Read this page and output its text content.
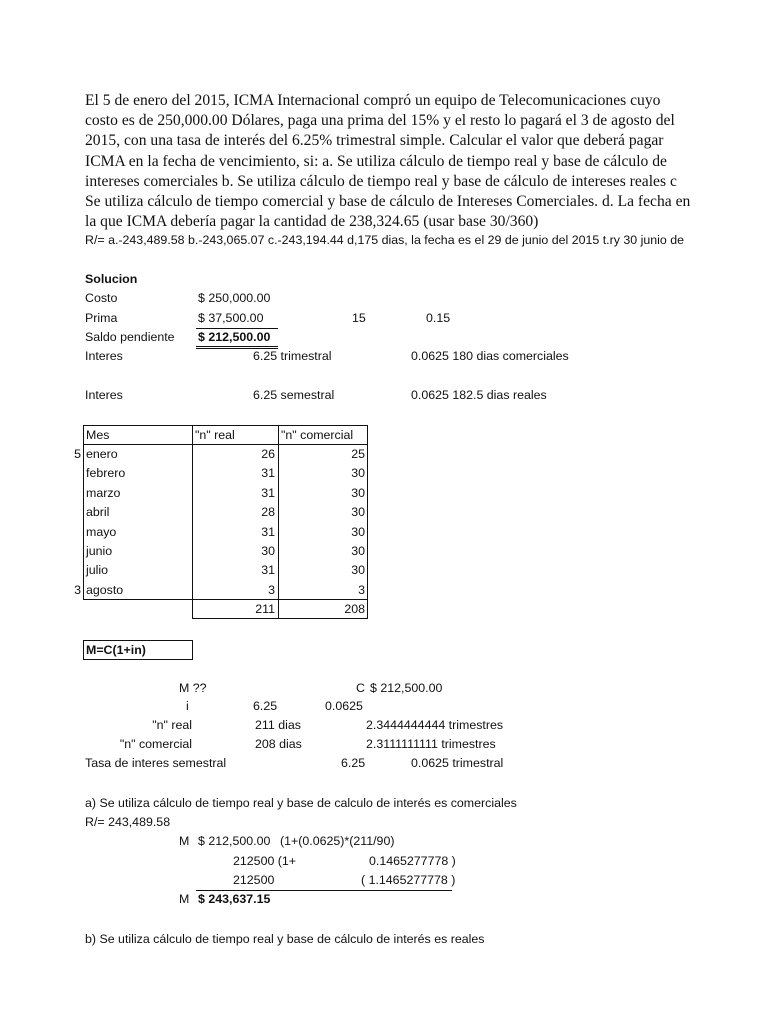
El 5 de enero del 2015, ICMA Internacional compró un equipo de Telecomunicaciones cuyo
costo es de 250,000.00 Dólares, paga una prima del 15% y el resto lo pagará el 3 de agosto del
2015, con una tasa de interés del 6.25% trimestral simple. Calcular el valor que deberá pagar
ICMA en la fecha de vencimiento, si: a. Se utiliza cálculo de tiempo real y base de cálculo de
intereses comerciales b. Se utiliza cálculo de tiempo real y base de cálculo de intereses reales c
Se utiliza cálculo de tiempo comercial y base de cálculo de Intereses Comerciales. d. La fecha en
la que ICMA debería pagar la cantidad de 238,324.65 (usar base 30/360)
R/= a.-243,489.58 b.-243,065.07 c.-243,194.44 d,175 dias, la fecha es el 29 de junio del 2015 t.ry 30 junio de
Solucion
Costo	$ 250,000.00
Prima	$ 37,500.00	15	0.15
Saldo pendiente $ 212,500.00
Interes	6.25 trimestral	0.0625 180 dias comerciales
Interes	6.25 semestral	0.0625 182.5 dias reales
Mes	"n" real	"n" comercial
5 enero	26	25
febrero	31	30
marzo	31	30
abril	28	30
mayo	31	30
junio	30	30
julio	31	30
3 agosto	3	3
211	208
M=C(1+in)
M ??	C $ 212,500.00
i	6.25	0.0625
"n" real	211 dias	2.3444444444 trimestres
"n" comercial	208 dias	2.3111111111 trimestres
Tasa de interes semestral	6.25	0.0625 trimestral
a) Se utiliza cálculo de tiempo real y base de calculo de interés es comerciales
R/= 243,489.58
M $ 212,500.00 (1+(0.0625)*(211/90)
212500 (1+	0.1465277778 )
212500	( 1.1465277778 )
M $ 243,637.15
b) Se utiliza cálculo de tiempo real y base de cálculo de interés es reales
